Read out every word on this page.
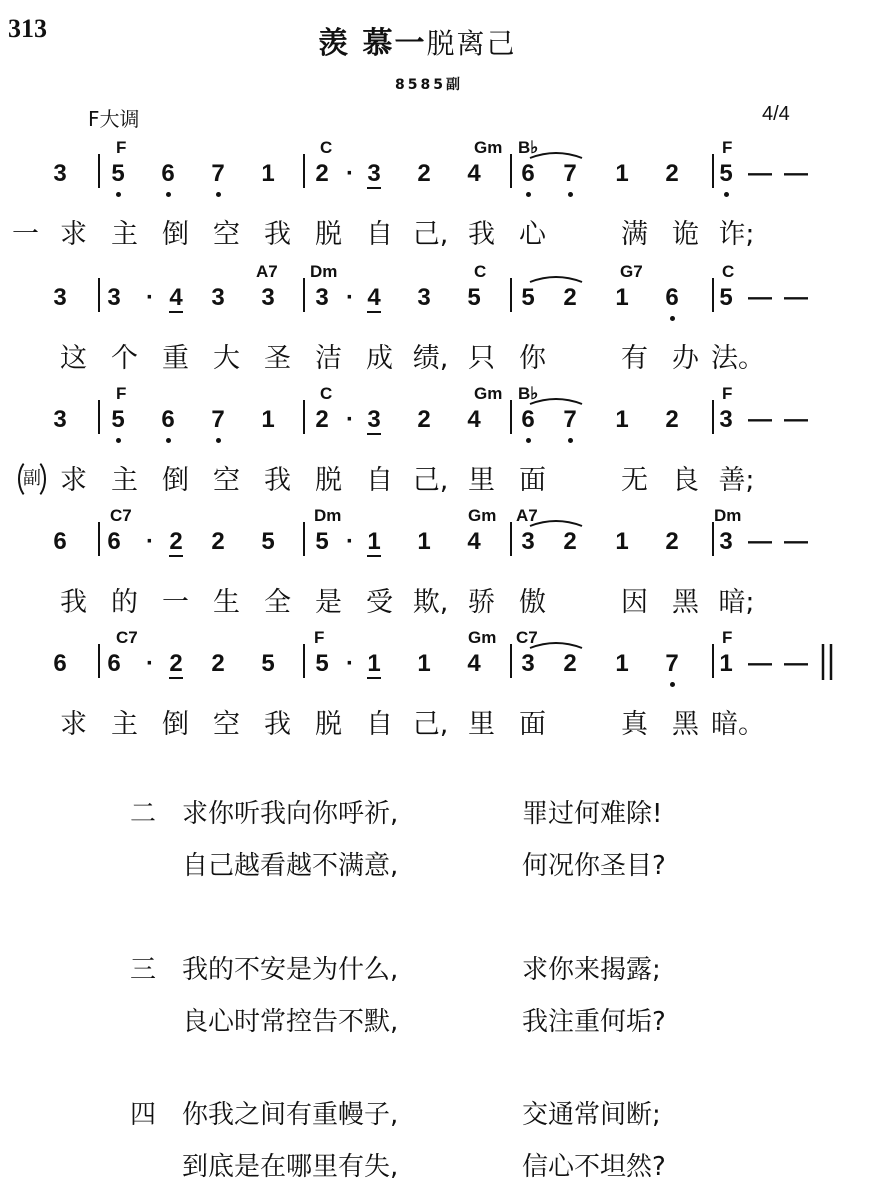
313	羡 慕一脱离己
8585副
F大调	4/4
F	C	Gm B♭	F
3 5 6 7 1 2 · 3 2 4 6 7 1 2 5 — —
求 主 倒 空 我 脱 自 己, 我 心	满 诡 诈;
一
A7 Dm	C	G7	C
3 3	· 4 3 3 3 · 4 3 5 5 2 1 6 5 — —
这 个 重 大 圣 洁 成 绩, 只 你	有 办 法。
F	C	Gm B♭	F
3 5 6 7 1 2 · 3 2 4 6 7 1 2 3 — —
求 主 倒 空 我 脱 自 己, 里 面	无 良 善;
副
C7	Dm	Gm A7	Dm
6 6	· 2 2 5 5 · 1 1 4 3 2 1 2 3 — —
我 的 一 生 全 是 受 欺, 骄 傲	因 黑 暗;
C7	F	Gm C7	F
6 6	· 2 2 5 5 · 1 1 4 3 2 1 7 1 — —
求 主 倒 空 我 脱 自 己, 里 面	真 黑 暗。
二 求你听我向你呼祈,	罪过何难除!
自己越看越不满意,	何况你圣目?
三 我的不安是为什么,	求你来揭露;
良心时常控告不默,	我注重何垢?
四 你我之间有重幔子,	交通常间断;
到底是在哪里有失,	信心不坦然?
